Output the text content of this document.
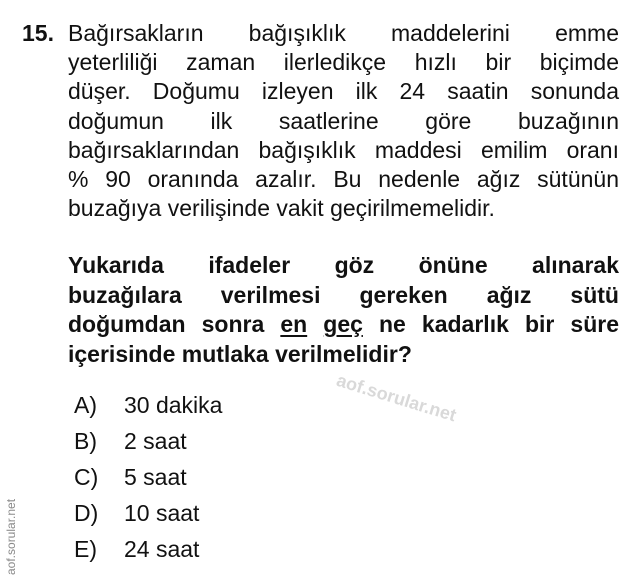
15. Bağırsakların bağışıklık maddelerini emme
yeterliliği zaman ilerledikçe hızlı bir biçimde
düşer. Doğumu izleyen ilk 24 saatin sonunda
doğumun ilk saatlerine göre buzağının
bağırsaklarından bağışıklık maddesi emilim oranı
% 90 oranında azalır. Bu nedenle ağız sütünün
buzağıya verilişinde vakit geçirilmemelidir.
Yukarıda ifadeler göz önüne alınarak
buzağılara verilmesi gereken ağız sütü
doğumdan sonra en geç ne kadarlık bir süre
içerisinde mutlaka verilmelidir?
aof.sorular.net
A)	30 dakika
B)	2 saat
C)	5 saat
D)	10 saat
E)	24 saat
aof.sorular.net
